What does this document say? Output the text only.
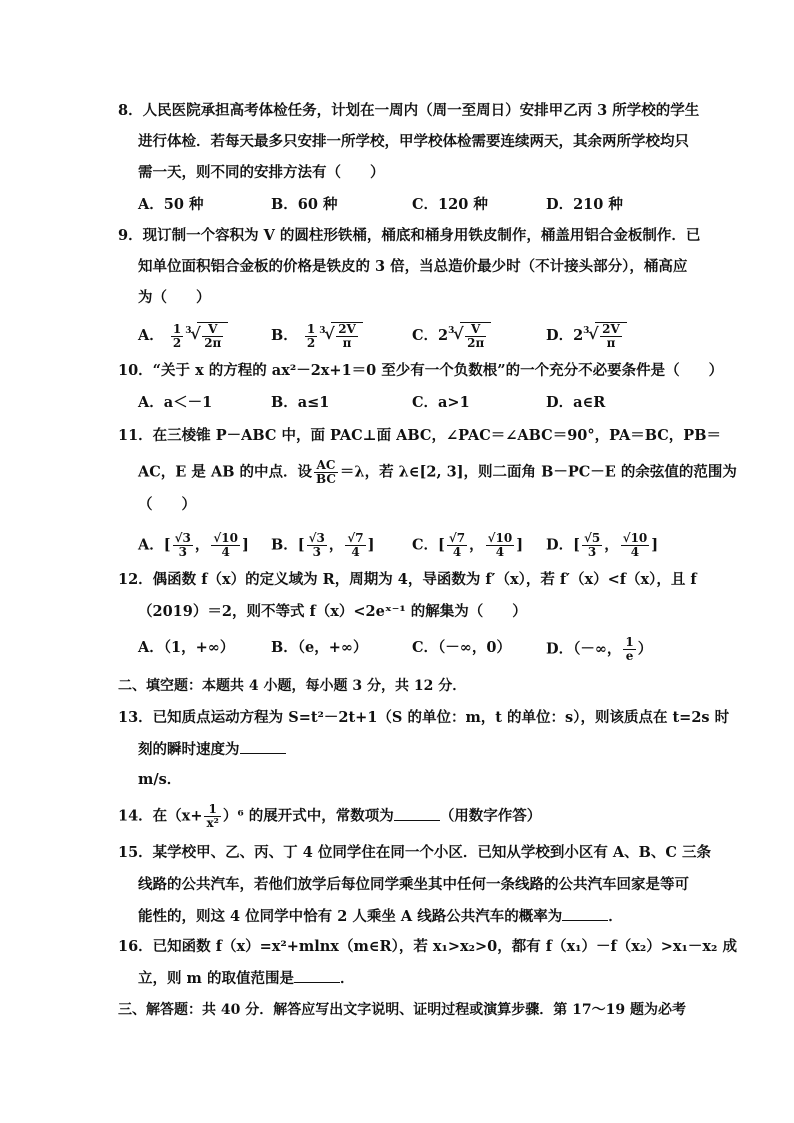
8．人民医院承担高考体检任务，计划在一周内（周一至周日）安排甲乙丙 3 所学校的学生
进行体检．若每天最多只安排一所学校，甲学校体检需要连续两天，其余两所学校均只
需一天，则不同的安排方法有（　　）
A．50 种	B．60 种	C．120 种	D．210 种
9．现订制一个容积为 V 的圆柱形铁桶，桶底和桶身用铁皮制作，桶盖用铝合金板制作．已
知单位面积铝合金板的价格是铁皮的 3 倍，当总造价最少时（不计接头部分），桶高应
为（　　）
A． $\frac{1}{2} 3$
√ $\frac{V}{2\pi}$	B． $\frac{1}{2} 3$
√ $\frac{2V}{\pi}$	C．2 3
√ $\frac{V}{2\pi}$	D．2 3
√ $\frac{2V}{\pi}$
10．“关于 x 的方程的 ax²－2x+1＝0 至少有一个负数根”的一个充分不必要条件是（　　）
A．a＜－1	B．a≤1	C．a>1	D．a∈R
11．在三棱锥 P－ABC 中，面 PAC⊥面 ABC，∠PAC＝∠ABC＝90°，PA＝BC，PB＝
AC，E 是 AB 的中点．设 $\frac{AC}{BC} =\lambda$，若 λ∈[2, 3]，则二面角 B－PC－E 的余弦值的范围为
（　　）
A．[ $\frac{√3}{3}$ ， $\frac{√10}{4}$ ] B．[ $\frac{√3}{3}$ ， $\frac{√7}{4}$ ]	C．[ $\frac{√7}{4}$ ， $\frac{√10}{4}$ ] D．[ $\frac{√5}{3}$ ， $\frac{√10}{4}$ ]
12．偶函数 f（x）的定义域为 R，周期为 4，导函数为 f′（x），若 f′（x）<f（x），且 f
（2019）＝2，则不等式 f（x）<2eˣ⁻¹ 的解集为（　　）
A．（1，+∞）	B．（e，+∞）	C．（－∞，0） D．（－∞， $\frac{1}{e}$ ）
二、填空题：本题共 4 小题，每小题 3 分，共 12 分．
13．已知质点运动方程为 S=t²－2t+1（S 的单位：m，t 的单位：s），则该质点在 t=2s 时
刻的瞬时速度为
m/s．
14．在$(x+ \frac{1}{\text{x²}} )^6$ 的展开式中，常数项为	（用数字作答）
15．某学校甲、乙、丙、丁 4 位同学住在同一个小区．已知从学校到小区有 A、B、C 三条
线路的公共汽车，若他们放学后每位同学乘坐其中任何一条线路的公共汽车回家是等可
能性的，则这 4 位同学中恰有 2 人乘坐 A 线路公共汽车的概率为	．
16．已知函数 f（x）=x²+mlnx（m∈R），若 x₁>x₂>0，都有 f（x₁）－f（x₂）>x₁－x₂ 成
立，则 m 的取值范围是	．
三、解答题：共 40 分．解答应写出文字说明、证明过程或演算步骤．第 17～19 题为必考
